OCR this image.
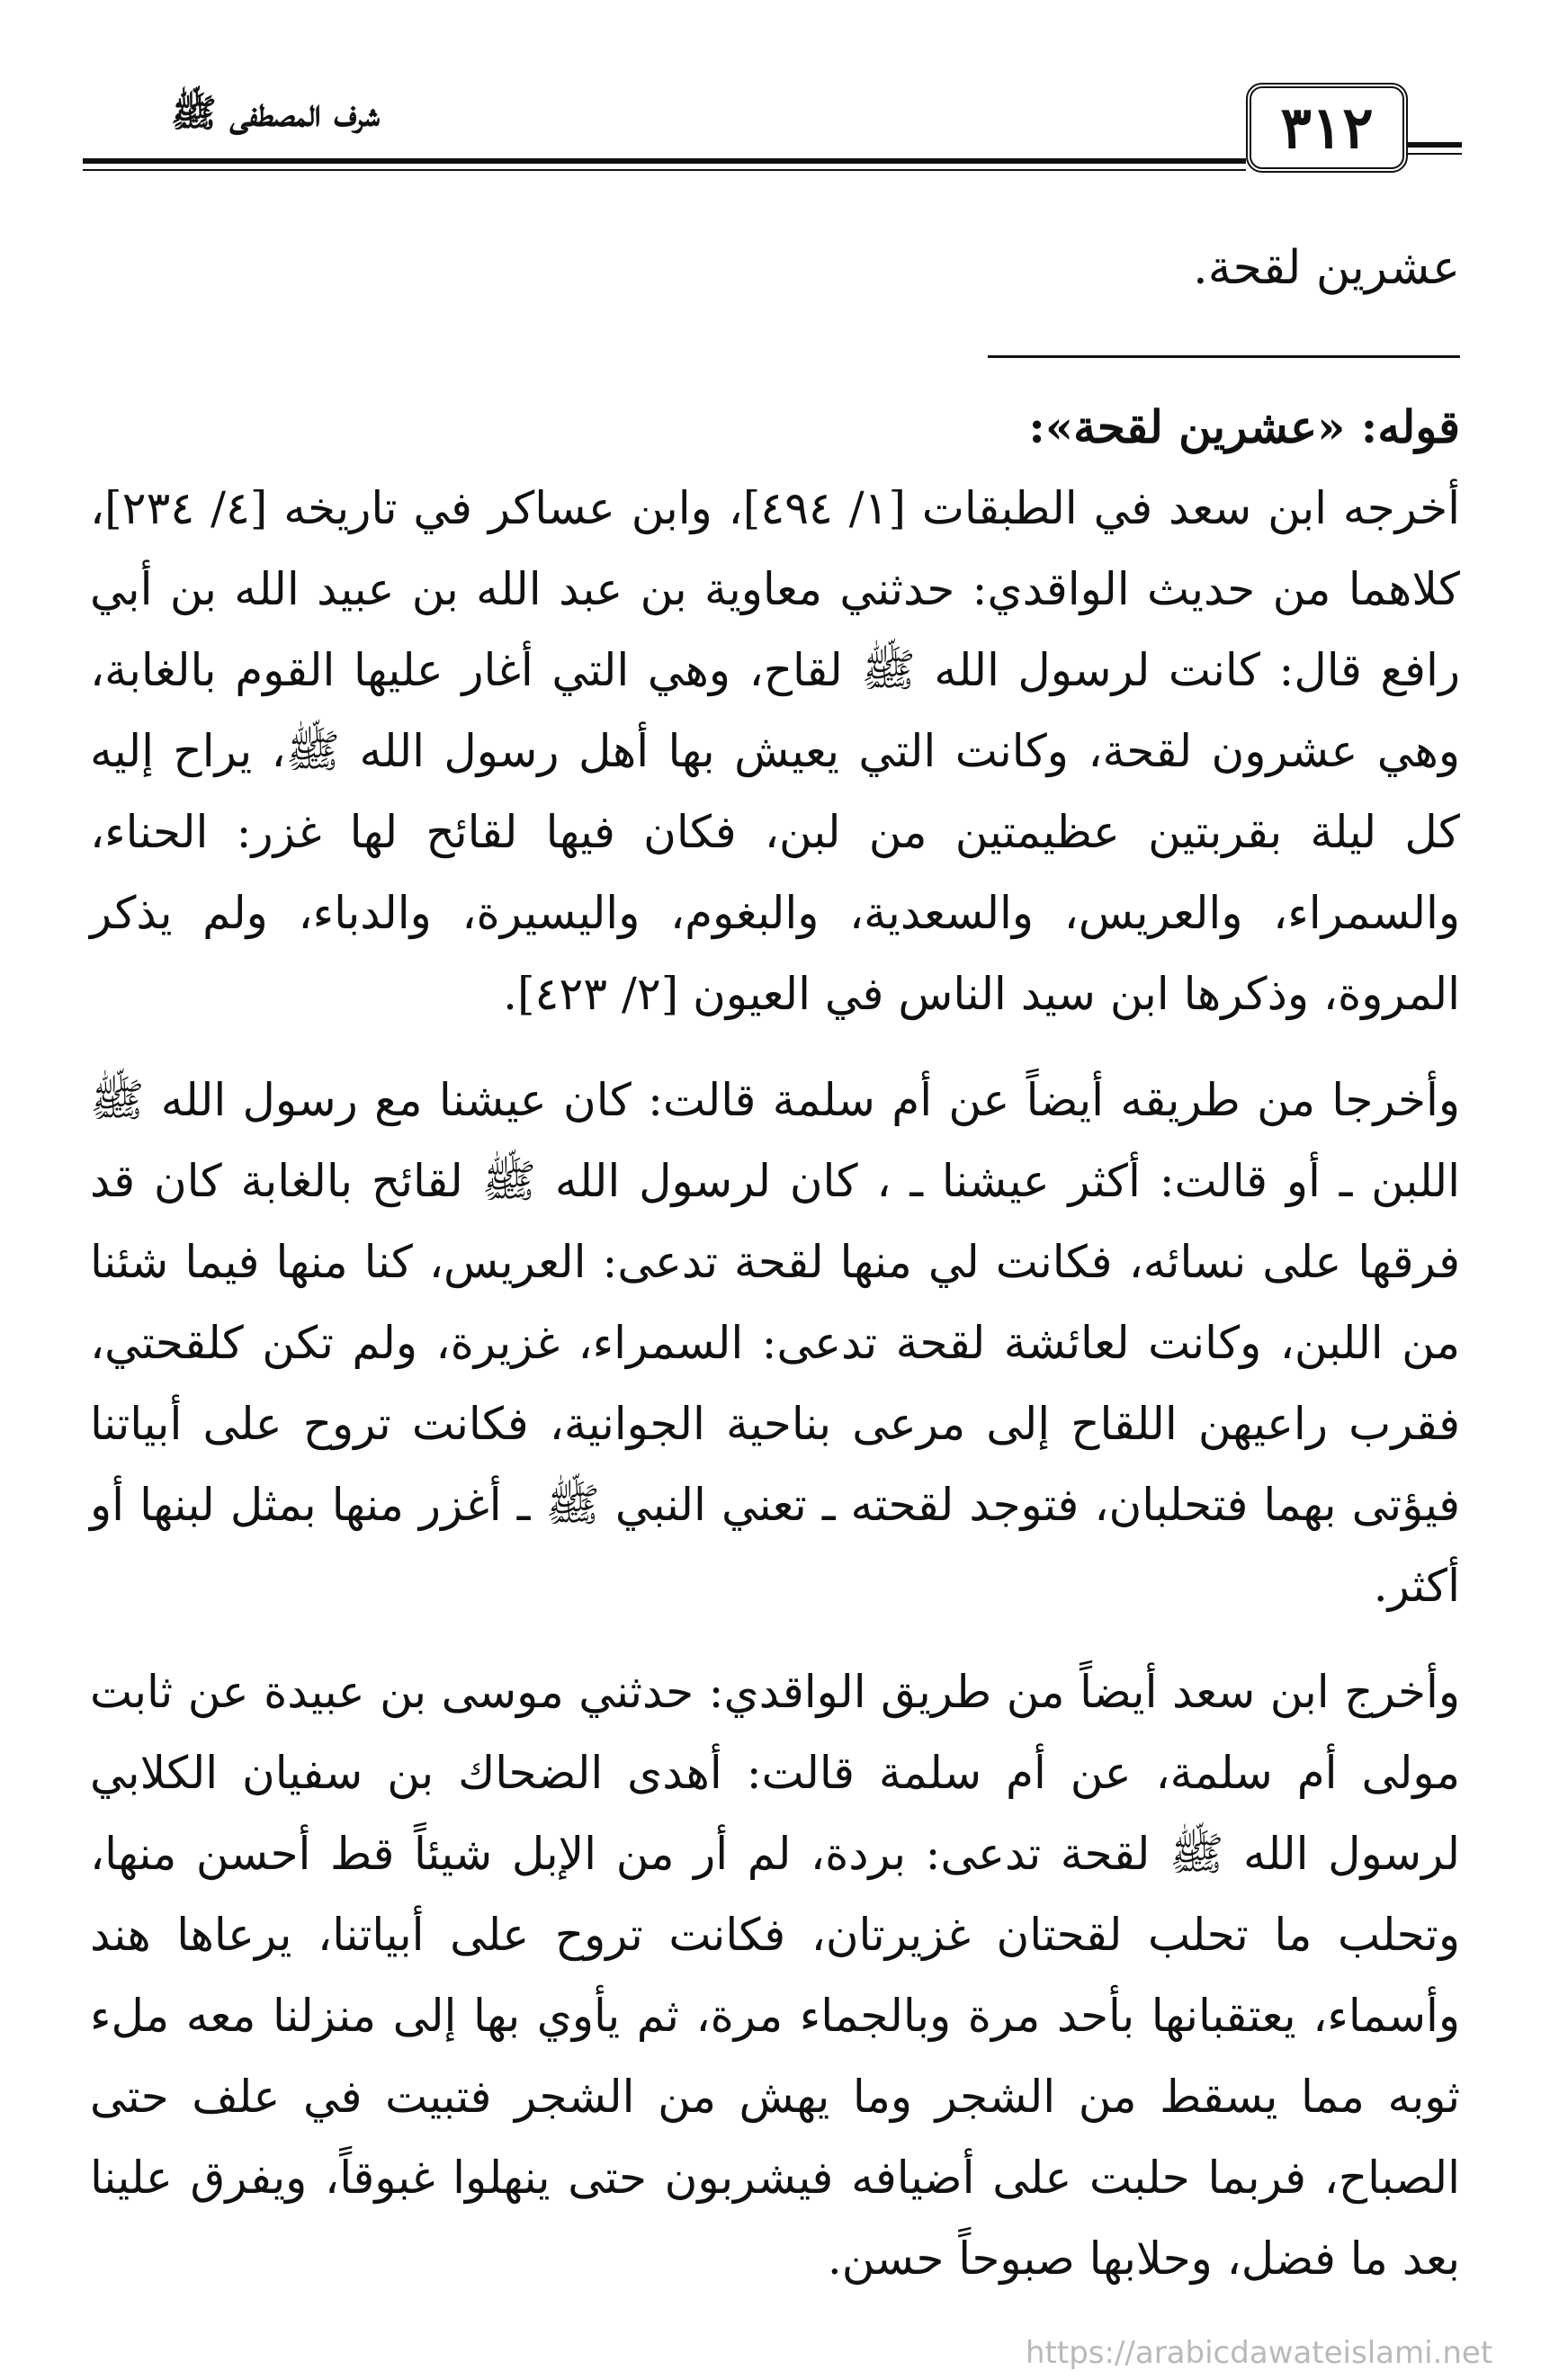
٣١٢
شرف المصطفى ﷺ
عشرين لقحة.

قوله: «عشرين لقحة»:

أخرجه ابن سعد في الطبقات [١/ ٤٩٤]، وابن عساكر في تاريخه [٤/ ٢٣٤]، كلاهما من حديث الواقدي: حدثني معاوية بن عبد الله بن عبيد الله بن أبي رافع قال: كانت لرسول الله ﷺ لقاح، وهي التي أغار عليها القوم بالغابة، وهي عشرون لقحة، وكانت التي يعيش بها أهل رسول الله ﷺ، يراح إليه كل ليلة بقربتين عظيمتين من لبن، فكان فيها لقائح لها غزر: الحناء، والسمراء، والعريس، والسعدية، والبغوم، واليسيرة، والدباء، ولم يذكر المروة، وذكرها ابن سيد الناس في العيون [٢/ ٤٢٣].

وأخرجا من طريقه أيضاً عن أم سلمة قالت: كان عيشنا مع رسول الله ﷺ اللبن ـ أو قالت: أكثر عيشنا ـ ، كان لرسول الله ﷺ لقائح بالغابة كان قد فرقها على نسائه، فكانت لي منها لقحة تدعى: العريس، كنا منها فيما شئنا من اللبن، وكانت لعائشة لقحة تدعى: السمراء، غزيرة، ولم تكن كلقحتي، فقرب راعيهن اللقاح إلى مرعى بناحية الجوانية، فكانت تروح على أبياتنا فيؤتى بهما فتحلبان، فتوجد لقحته ـ تعني النبي ﷺ ـ أغزر منها بمثل لبنها أو أكثر.

وأخرج ابن سعد أيضاً من طريق الواقدي: حدثني موسى بن عبيدة عن ثابت مولى أم سلمة، عن أم سلمة قالت: أهدى الضحاك بن سفيان الكلابي لرسول الله ﷺ لقحة تدعى: بردة، لم أر من الإبل شيئاً قط أحسن منها، وتحلب ما تحلب لقحتان غزيرتان، فكانت تروح على أبياتنا، يرعاها هند وأسماء، يعتقبانها بأحد مرة وبالجماء مرة، ثم يأوي بها إلى منزلنا معه ملء ثوبه مما يسقط من الشجر وما يهش من الشجر فتبيت في علف حتى الصباح، فربما حلبت على أضيافه فيشربون حتى ينهلوا غبوقاً، ويفرق علينا بعد ما فضل، وحلابها صبوحاً حسن.

https://arabicdawateislami.net
